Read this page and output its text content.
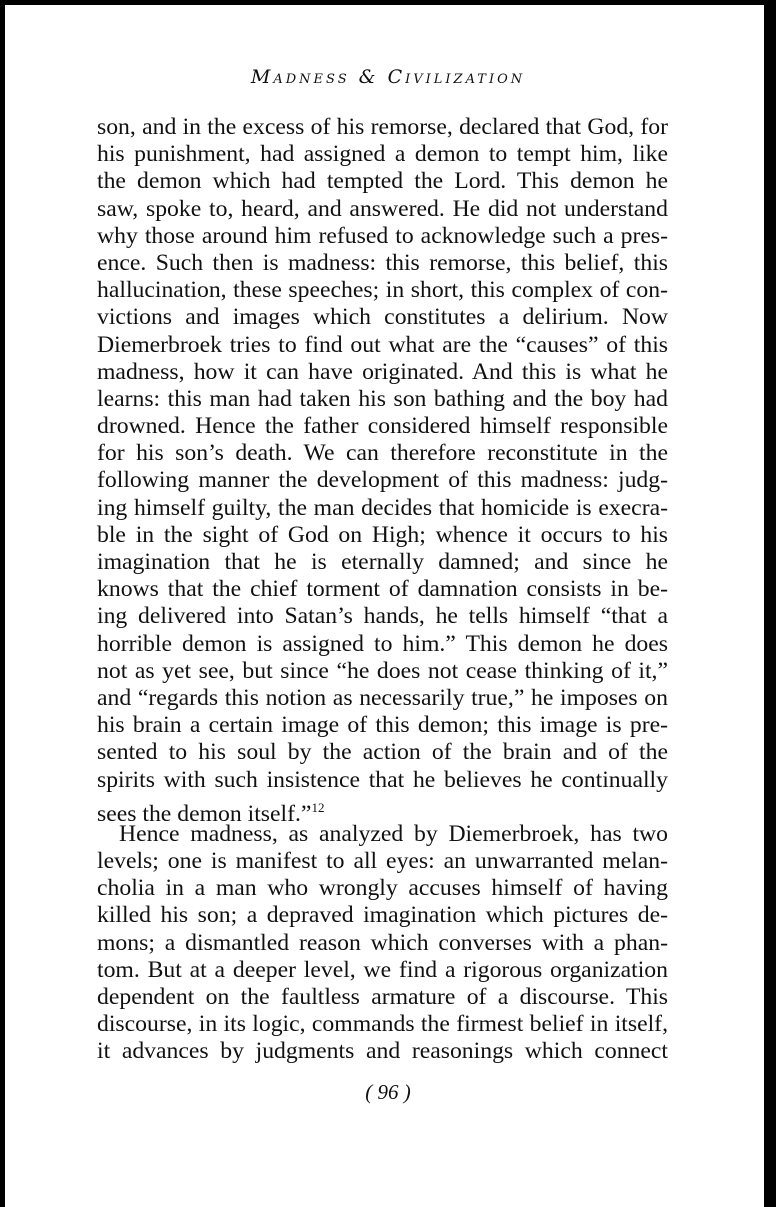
Madness & Civilization
son, and in the excess of his remorse, declared that God, for
his punishment, had assigned a demon to tempt him, like
the demon which had tempted the Lord. This demon he
saw, spoke to, heard, and answered. He did not understand
why those around him refused to acknowledge such a pres-
ence. Such then is madness: this remorse, this belief, this
hallucination, these speeches; in short, this complex of con-
victions and images which constitutes a delirium. Now
Diemerbroek tries to find out what are the “causes” of this
madness, how it can have originated. And this is what he
learns: this man had taken his son bathing and the boy had
drowned. Hence the father considered himself responsible
for his son’s death. We can therefore reconstitute in the
following manner the development of this madness: judg-
ing himself guilty, the man decides that homicide is execra-
ble in the sight of God on High; whence it occurs to his
imagination that he is eternally damned; and since he
knows that the chief torment of damnation consists in be-
ing delivered into Satan’s hands, he tells himself “that a
horrible demon is assigned to him.” This demon he does
not as yet see, but since “he does not cease thinking of it,”
and “regards this notion as necessarily true,” he imposes on
his brain a certain image of this demon; this image is pre-
sented to his soul by the action of the brain and of the
spirits with such insistence that he believes he continually
sees the demon itself.”$^{12}$
Hence madness, as analyzed by Diemerbroek, has two
levels; one is manifest to all eyes: an unwarranted melan-
cholia in a man who wrongly accuses himself of having
killed his son; a depraved imagination which pictures de-
mons; a dismantled reason which converses with a phan-
tom. But at a deeper level, we find a rigorous organization
dependent on the faultless armature of a discourse. This
discourse, in its logic, commands the firmest belief in itself,
it advances by judgments and reasonings which connect
( 96 )
